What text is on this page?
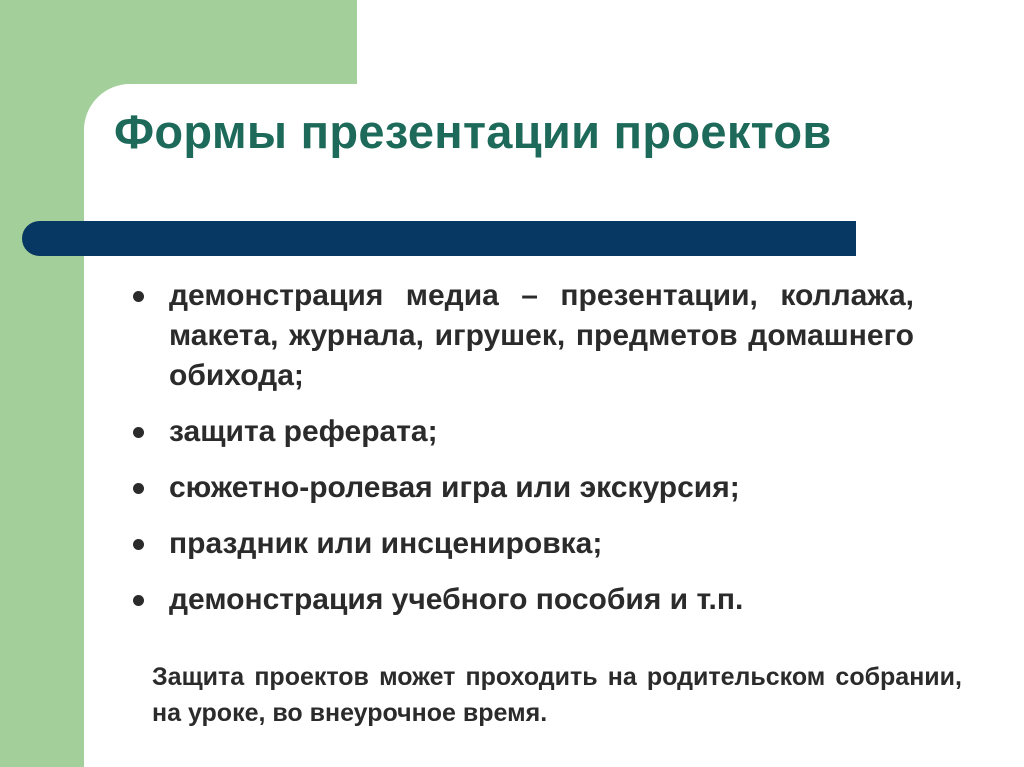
Формы презентации проектов
демонстрация медиа – презентации, коллажа, макета, журнала, игрушек, предметов домашнего обихода;
защита реферата;
сюжетно-ролевая игра или экскурсия;
праздник или инсценировка;
демонстрация учебного пособия и т.п.
Защита проектов может проходить на родительском собрании, на уроке, во внеурочное время.
